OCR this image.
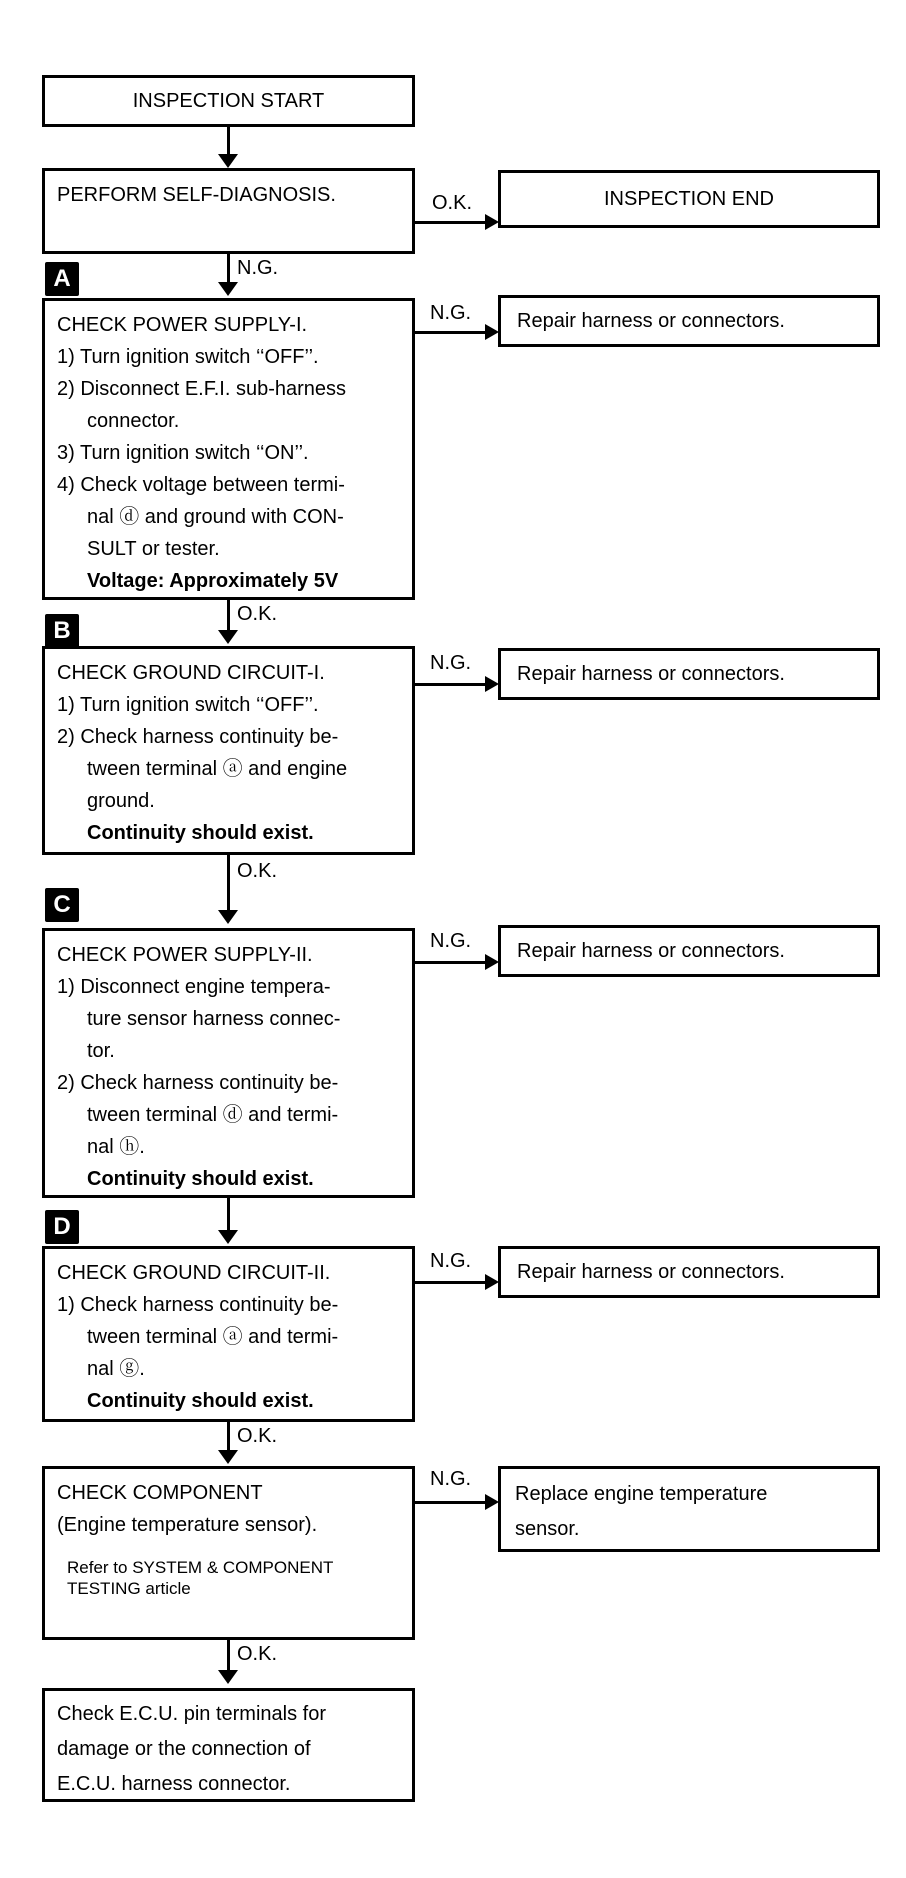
INSPECTION START
PERFORM SELF-DIAGNOSIS.	O.K.	INSPECTION END
N.G.
A
CHECK POWER SUPPLY-I.
1) Turn ignition switch ‘‘OFF’’.
2) Disconnect E.F.I. sub-harness
connector.
3) Turn ignition switch ‘‘ON’’.
4) Check voltage between termi-
nal ⓓ and ground with CON-
SULT or tester.
Voltage: Approximately 5V
N.G. Repair harness or connectors.
O.K.
B
CHECK GROUND CIRCUIT-I.
1) Turn ignition switch ‘‘OFF’’.
2) Check harness continuity be-
tween terminal ⓐ and engine
ground.
Continuity should exist.
N.G. Repair harness or connectors.
O.K.
C
CHECK POWER SUPPLY-II.
1) Disconnect engine tempera-
ture sensor harness connec-
tor.
2) Check harness continuity be-
tween terminal ⓓ and termi-
nal ⓗ.
Continuity should exist.
N.G. Repair harness or connectors.
D
CHECK GROUND CIRCUIT-II.
1) Check harness continuity be-
tween terminal ⓐ and termi-
nal ⓖ.
Continuity should exist.
N.G. Repair harness or connectors.
O.K.
CHECK COMPONENT
(Engine temperature sensor).
Refer to SYSTEM & COMPONENT
TESTING article
N.G.
Replace engine temperature
sensor.
O.K.
Check E.C.U. pin terminals for
damage or the connection of
E.C.U. harness connector.
